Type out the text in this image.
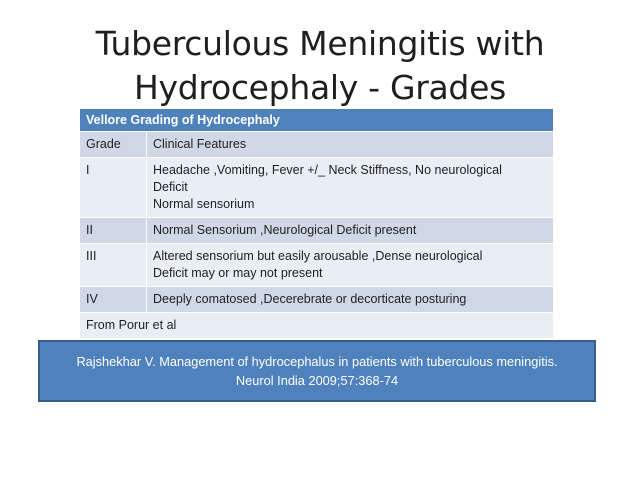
Tuberculous Meningitis with
Hydrocephaly - Grades
Vellore Grading of Hydrocephaly	
Grade	Clinical Features
I	Headache ,Vomiting, Fever +/_ Neck Stiffness, No neurological
Deficit
Normal sensorium

II	Normal Sensorium ,Neurological Deficit present

III	Altered sensorium but easily arousable ,Dense neurological
Deficit may or may not present

IV	Deeply comatosed ,Decerebrate or decorticate posturing

From Porur et al	
Rajshekhar V. Management of hydrocephalus in patients with tuberculous meningitis.
Neurol India 2009;57:368-74
